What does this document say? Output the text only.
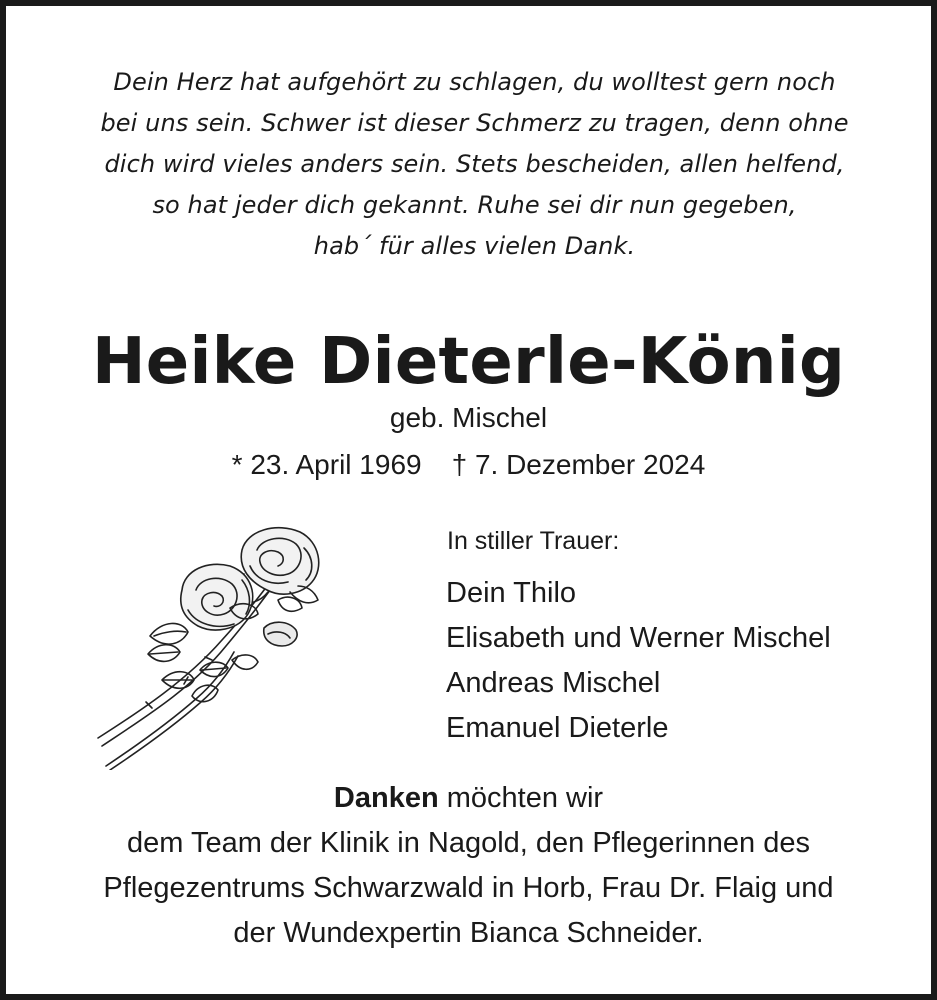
Dein Herz hat aufgehört zu schlagen, du wolltest gern noch
bei uns sein. Schwer ist dieser Schmerz zu tragen, denn ohne
dich wird vieles anders sein. Stets bescheiden, allen helfend,
so hat jeder dich gekannt. Ruhe sei dir nun gegeben,
hab´ für alles vielen Dank.
Heike Dieterle-König
geb. Mischel
* 23. April 1969 † 7. Dezember 2024
In stiller Trauer:
Dein Thilo
Elisabeth und Werner Mischel
Andreas Mischel
Emanuel Dieterle
Danken möchten wir
dem Team der Klinik in Nagold, den Pflegerinnen des
Pflegezentrums Schwarzwald in Horb, Frau Dr. Flaig und
der Wundexpertin Bianca Schneider.
